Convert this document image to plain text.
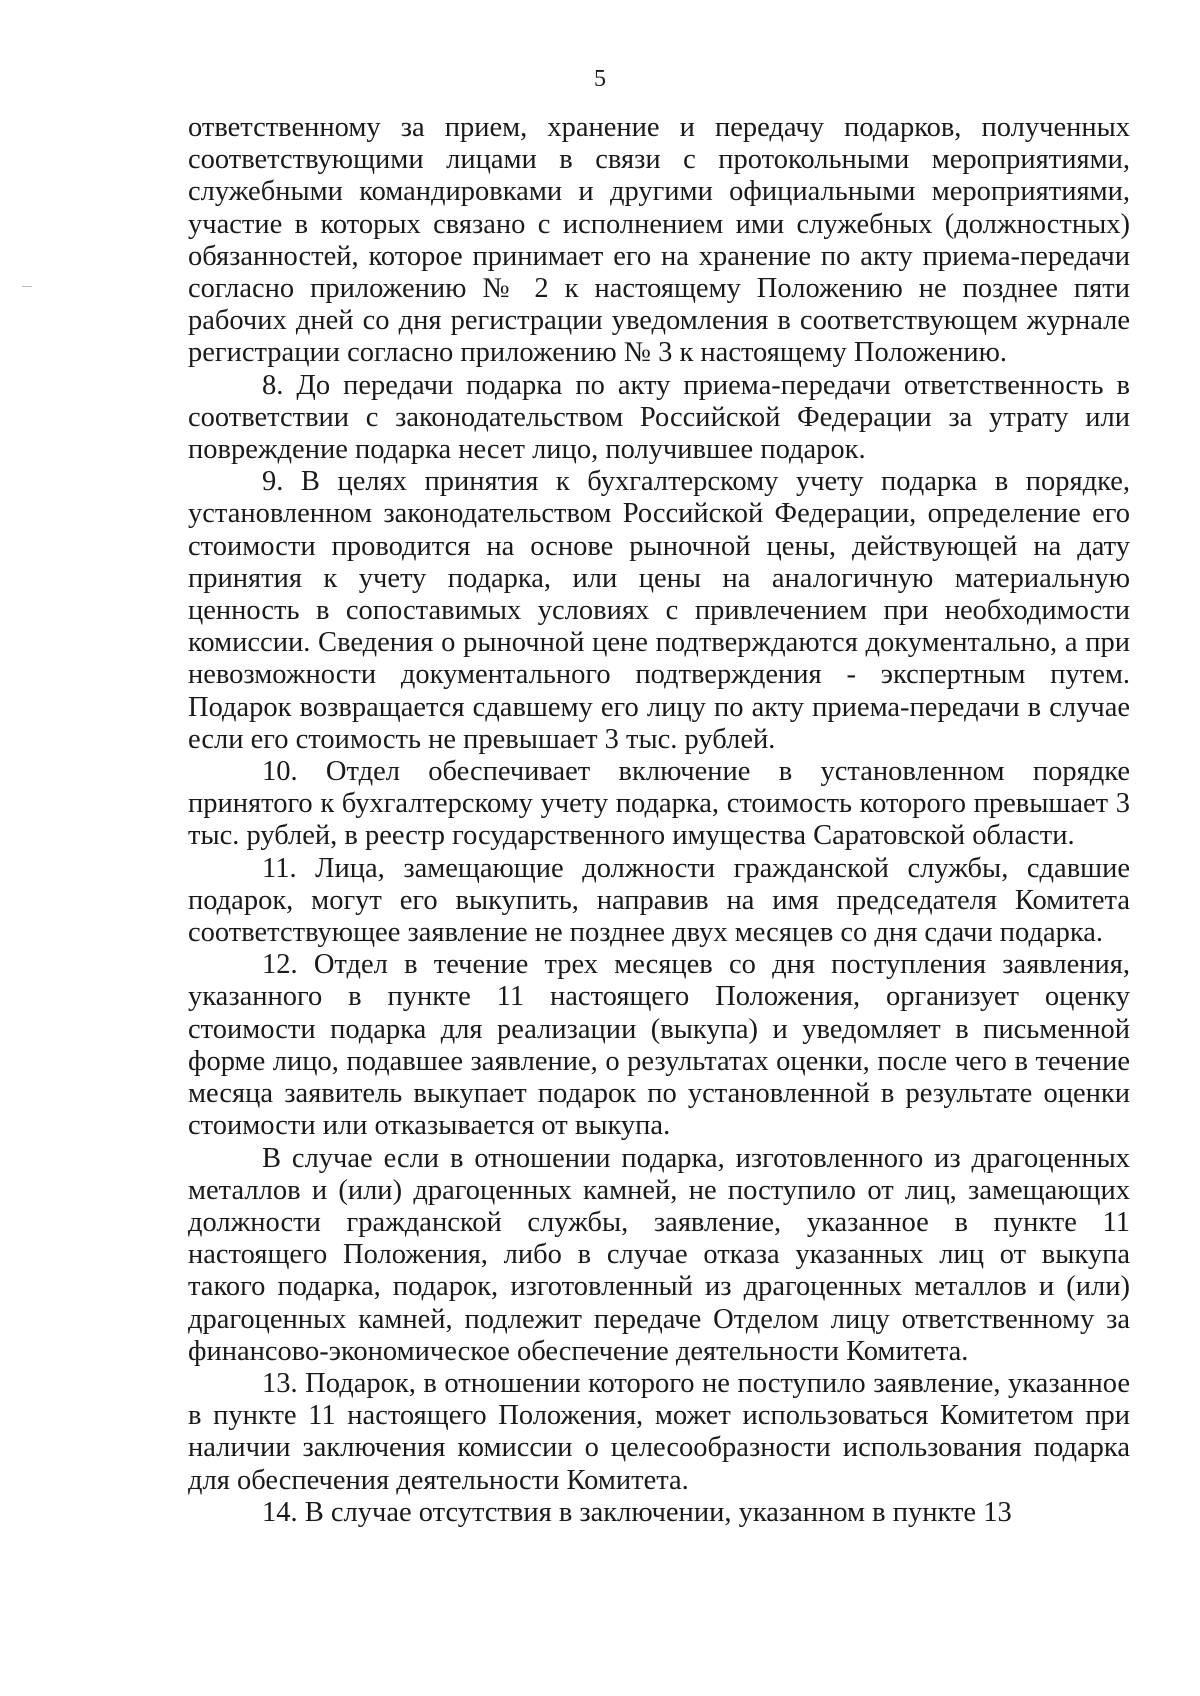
5

ответственному за прием, хранение и передачу подарков, полученных соответствующими лицами в связи с протокольными мероприятиями, служебными командировками и другими официальными мероприятиями, участие в которых связано с исполнением ими служебных (должностных) обязанностей, которое принимает его на хранение по акту приема-передачи согласно приложению № 2 к настоящему Положению не позднее пяти рабочих дней со дня регистрации уведомления в соответствующем журнале регистрации согласно приложению № 3 к настоящему Положению.

8. До передачи подарка по акту приема-передачи ответственность в соответствии с законодательством Российской Федерации за утрату или повреждение подарка несет лицо, получившее подарок.

9. В целях принятия к бухгалтерскому учету подарка в порядке, установленном законодательством Российской Федерации, определение его стоимости проводится на основе рыночной цены, действующей на дату принятия к учету подарка, или цены на аналогичную материальную ценность в сопоставимых условиях с привлечением при необходимости комиссии. Сведения о рыночной цене подтверждаются документально, а при невозможности документального подтверждения - экспертным путем. Подарок возвращается сдавшему его лицу по акту приема-передачи в случае если его стоимость не превышает 3 тыс. рублей.

10. Отдел обеспечивает включение в установленном порядке принятого к бухгалтерскому учету подарка, стоимость которого превышает 3 тыс. рублей, в реестр государственного имущества Саратовской области.

11. Лица, замещающие должности гражданской службы, сдавшие подарок, могут его выкупить, направив на имя председателя Комитета соответствующее заявление не позднее двух месяцев со дня сдачи подарка.

12. Отдел в течение трех месяцев со дня поступления заявления, указанного в пункте 11 настоящего Положения, организует оценку стоимости подарка для реализации (выкупа) и уведомляет в письменной форме лицо, подавшее заявление, о результатах оценки, после чего в течение месяца заявитель выкупает подарок по установленной в результате оценки стоимости или отказывается от выкупа.

В случае если в отношении подарка, изготовленного из драгоценных металлов и (или) драгоценных камней, не поступило от лиц, замещающих должности гражданской службы, заявление, указанное в пункте 11 настоящего Положения, либо в случае отказа указанных лиц от выкупа такого подарка, подарок, изготовленный из драгоценных металлов и (или) драгоценных камней, подлежит передаче Отделом лицу ответственному за финансово-экономическое обеспечение деятельности Комитета.

13. Подарок, в отношении которого не поступило заявление, указанное в пункте 11 настоящего Положения, может использоваться Комитетом при наличии заключения комиссии о целесообразности использования подарка для обеспечения деятельности Комитета.

14. В случае отсутствия в заключении, указанном в пункте 13
